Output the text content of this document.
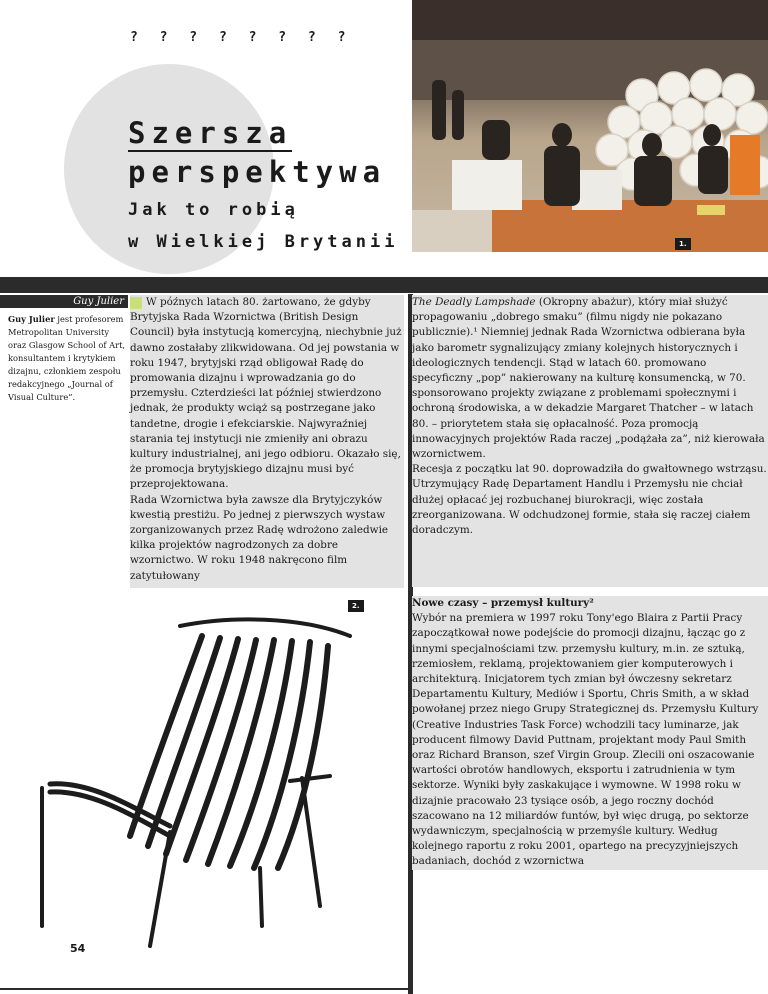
? ? ? ? ? ? ? ?
Szersza
perspektywa
Jak to robią
w Wielkiej Brytanii	1.
Guy Julier
Guy Julier jest profesorem Metropolitan University oraz Glasgow School of Art, konsultantem i krytykiem dizajnu, członkiem zespołu redakcyjnego „Journal of Visual Culture”.

W późnych latach 80. żartowano, że gdyby Brytyjska Rada Wzornictwa (British Design Council) była instytucją komercyjną, niechybnie już dawno zostałaby zlikwidowana. Od jej powstania w roku 1947, brytyjski rząd obligował Radę do promowania dizajnu i wprowadzania go do przemysłu. Czterdzieści lat później stwierdzono jednak, że produkty wciąż są postrzegane jako tandetne, drogie i efekciarskie. Najwyraźniej starania tej instytucji nie zmieniły ani obrazu kultury industrialnej, ani jego odbioru. Okazało się, że promocja brytyjskiego dizajnu musi być przeprojektowana.

Rada Wzornictwa była zawsze dla Brytyjczyków kwestią prestiżu. Po jednej z pierwszych wystaw zorganizowanych przez Radę wdrożono zaledwie kilka projektów nagrodzonych za dobre wzornictwo. W roku 1948 nakręcono film zatytułowany

The Deadly Lampshade (Okropny abażur), który miał służyć propagowaniu „dobrego smaku” (filmu nigdy nie pokazano publicznie).¹ Niemniej jednak Rada Wzornictwa odbierana była jako barometr sygnalizujący zmiany kolejnych historycznych i ideologicznych tendencji. Stąd w latach 60. promowano specyficzny „pop” nakierowany na kulturę konsumencką, w 70. sponsorowano projekty związane z problemami społecznymi i ochroną środowiska, a w dekadzie Margaret Thatcher – w latach 80. – priorytetem stała się opłacalność. Poza promocją innowacyjnych projektów Rada raczej „podążała za”, niż kierowała wzornictwem.

Recesja z początku lat 90. doprowadziła do gwałtownego wstrząsu. Utrzymujący Radę Departament Handlu i Przemysłu nie chciał dłużej opłacać jej rozbuchanej biurokracji, więc została zreorganizowana. W odchudzonej formie, stała się raczej ciałem doradczym.

Nowe czasy – przemysł kultury²

Wybór na premiera w 1997 roku Tony'ego Blaira z Partii Pracy zapoczątkował nowe podejście do promocji dizajnu, łącząc go z innymi specjalnościami tzw. przemysłu kultury, m.in. ze sztuką, rzemiosłem, reklamą, projektowaniem gier komputerowych i architekturą. Inicjatorem tych zmian był ówczesny sekretarz Departamentu Kultury, Mediów i Sportu, Chris Smith, a w skład powołanej przez niego Grupy Strategicznej ds. Przemysłu Kultury (Creative Industries Task Force) wchodzili tacy luminarze, jak producent filmowy David Puttnam, projektant mody Paul Smith oraz Richard Branson, szef Virgin Group. Zlecili oni oszacowanie wartości obrotów handlowych, eksportu i zatrudnienia w tym sektorze. Wyniki były zaskakujące i wymowne. W 1998 roku w dizajnie pracowało 23 tysiące osób, a jego roczny dochód szacowano na 12 miliardów funtów, był więc drugą, po sektorze wydawniczym, specjalnością w przemyśle kultury. Według kolejnego raportu z roku 2001, opartego na precyzyjniejszych badaniach, dochód z wzornictwa

2.
54
